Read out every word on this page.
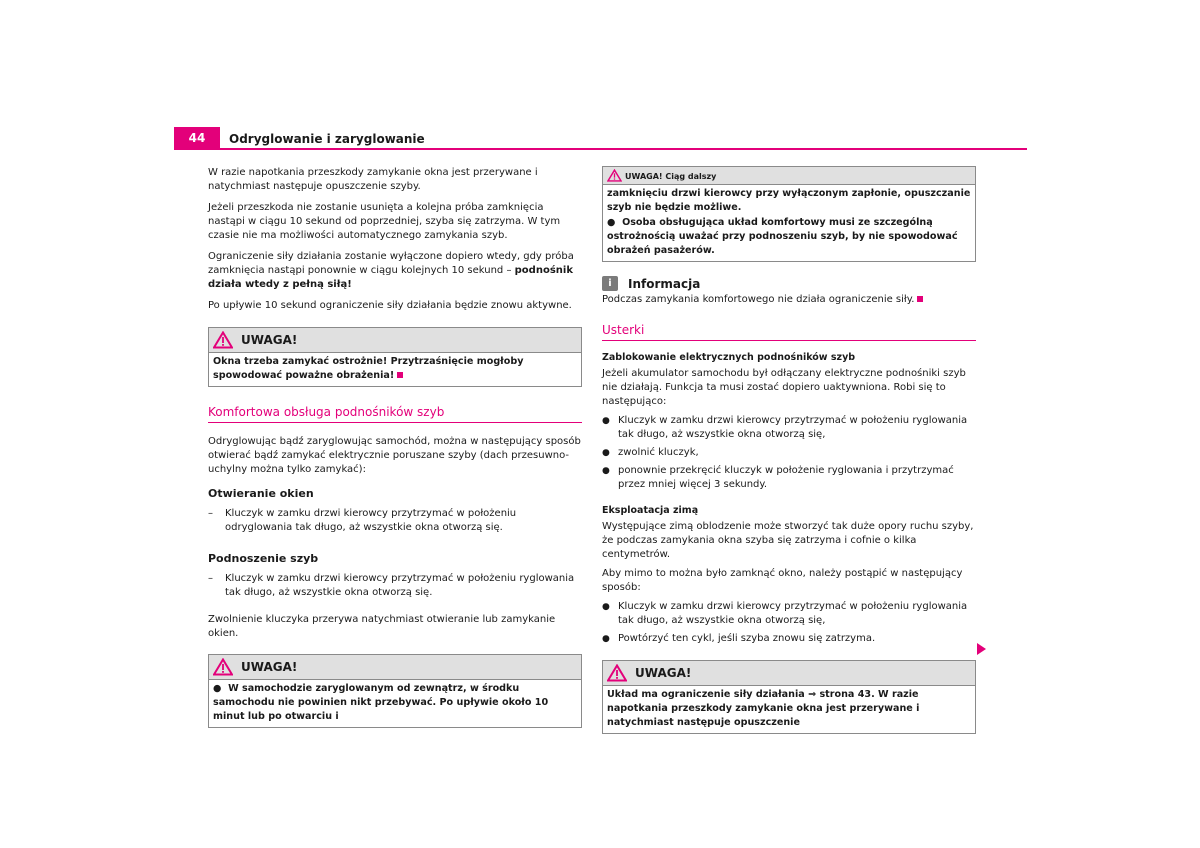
44	Odryglowanie i zaryglowanie

W razie napotkania przeszkody zamykanie okna jest przerywane i natychmiast następuje opuszczenie szyby.

Jeżeli przeszkoda nie zostanie usunięta a kolejna próba zamknięcia nastąpi w ciągu 10 sekund od poprzedniej, szyba się zatrzyma. W tym czasie nie ma możliwości automatycznego zamykania szyb.

Ograniczenie siły działania zostanie wyłączone dopiero wtedy, gdy próba zamknięcia nastąpi ponownie w ciągu kolejnych 10 sekund – podnośnik działa wtedy z pełną siłą!

Po upływie 10 sekund ograniczenie siły działania będzie znowu aktywne.

UWAGA!
Okna trzeba zamykać ostrożnie! Przytrzaśnięcie mogłoby spowodować poważne obrażenia!
Komfortowa obsługa podnośników szyb

Odryglowując bądź zaryglowując samochód, można w następujący sposób otwierać bądź zamykać elektrycznie poruszane szyby (dach przesuwno-uchylny można tylko zamykać):

Otwieranie okien
–	Kluczyk w zamku drzwi kierowcy przytrzymać w położeniu odryglowania tak długo, aż wszystkie okna otworzą się.
Podnoszenie szyb
–	Kluczyk w zamku drzwi kierowcy przytrzymać w położeniu ryglowania tak długo, aż wszystkie okna otworzą się.

Zwolnienie kluczyka przerywa natychmiast otwieranie lub zamykanie okien.

UWAGA!
● W samochodzie zaryglowanym od zewnątrz, w środku samochodu nie powinien nikt przebywać. Po upływie około 10 minut lub po otwarciu i
UWAGA! Ciąg dalszy
zamknięciu drzwi kierowcy przy wyłączonym zapłonie, opuszczanie szyb nie będzie możliwe.
● Osoba obsługująca układ komfortowy musi ze szczególną ostrożnością uważać przy podnoszeniu szyb, by nie spowodować obrażeń pasażerów.
i	Informacja

Podczas zamykania komfortowego nie działa ograniczenie siły.

Usterki
Zablokowanie elektrycznych podnośników szyb

Jeżeli akumulator samochodu był odłączany elektryczne podnośniki szyb nie działają. Funkcja ta musi zostać dopiero uaktywniona. Robi się to następująco:

● Kluczyk w zamku drzwi kierowcy przytrzymać w położeniu ryglowania tak długo, aż wszystkie okna otworzą się,
● zwolnić kluczyk,
● ponownie przekręcić kluczyk w położenie ryglowania i przytrzymać przez mniej więcej 3 sekundy.
Eksploatacja zimą

Występujące zimą oblodzenie może stworzyć tak duże opory ruchu szyby, że podczas zamykania okna szyba się zatrzyma i cofnie o kilka centymetrów.

Aby mimo to można było zamknąć okno, należy postąpić w następujący sposób:

● Kluczyk w zamku drzwi kierowcy przytrzymać w położeniu ryglowania tak długo, aż wszystkie okna otworzą się,
● Powtórzyć ten cykl, jeśli szyba znowu się zatrzyma.
UWAGA!
Układ ma ograniczenie siły działania ⇒ strona 43. W razie napotkania przeszkody zamykanie okna jest przerywane i natychmiast następuje opuszczenie
